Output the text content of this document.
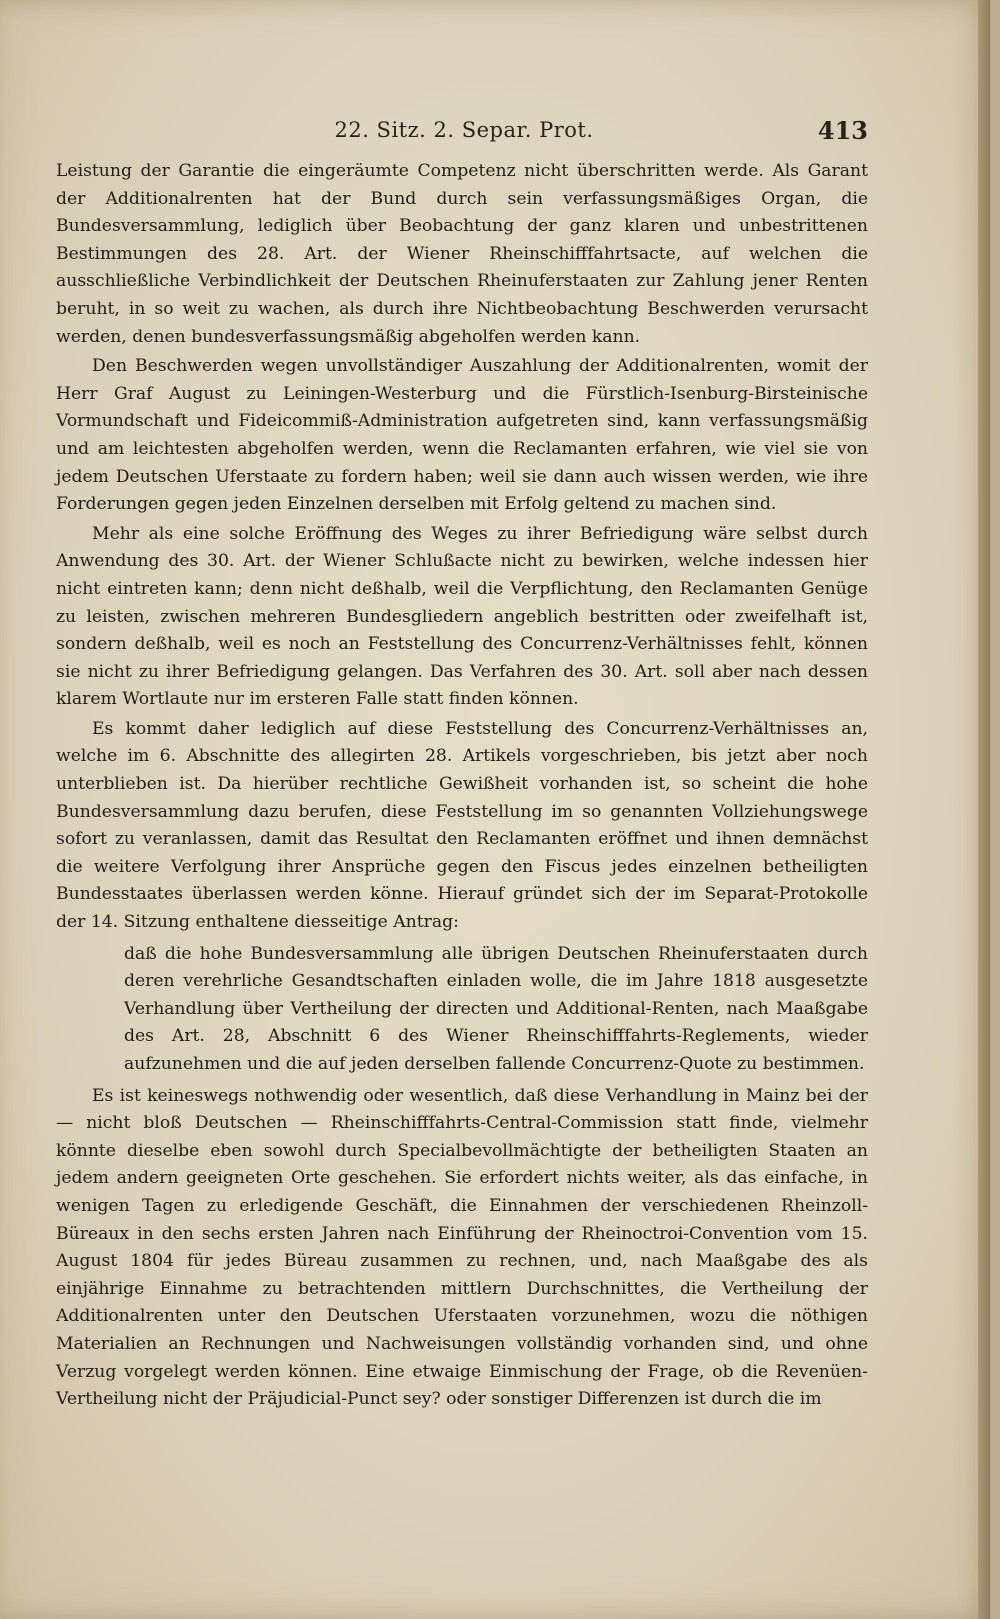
22. Sitz. 2. Separ. Prot.	413

Leistung der Garantie die eingeräumte Competenz nicht überschritten werde. Als Garant der Additionalrenten hat der Bund durch sein verfassungsmäßiges Organ, die Bundesversammlung, lediglich über Beobachtung der ganz klaren und unbestrittenen Bestimmungen des 28. Art. der Wiener Rheinschifffahrtsacte, auf welchen die ausschließliche Verbindlichkeit der Deutschen Rheinuferstaaten zur Zahlung jener Renten beruht, in so weit zu wachen, als durch ihre Nichtbeobachtung Beschwerden verursacht werden, denen bundesverfassungsmäßig abgeholfen werden kann.

Den Beschwerden wegen unvollständiger Auszahlung der Additionalrenten, womit der Herr Graf August zu Leiningen-Westerburg und die Fürstlich-Isenburg-Birsteinische Vormundschaft und Fideicommiß-Administration aufgetreten sind, kann verfassungsmäßig und am leichtesten abgeholfen werden, wenn die Reclamanten erfahren, wie viel sie von jedem Deutschen Uferstaate zu fordern haben; weil sie dann auch wissen werden, wie ihre Forderungen gegen jeden Einzelnen derselben mit Erfolg geltend zu machen sind.

Mehr als eine solche Eröffnung des Weges zu ihrer Befriedigung wäre selbst durch Anwendung des 30. Art. der Wiener Schlußacte nicht zu bewirken, welche indessen hier nicht eintreten kann; denn nicht deßhalb, weil die Verpflichtung, den Reclamanten Genüge zu leisten, zwischen mehreren Bundesgliedern angeblich bestritten oder zweifelhaft ist, sondern deßhalb, weil es noch an Feststellung des Concurrenz-Verhältnisses fehlt, können sie nicht zu ihrer Befriedigung gelangen. Das Verfahren des 30. Art. soll aber nach dessen klarem Wortlaute nur im ersteren Falle statt finden können.

Es kommt daher lediglich auf diese Feststellung des Concurrenz-Verhältnisses an, welche im 6. Abschnitte des allegirten 28. Artikels vorgeschrieben, bis jetzt aber noch unterblieben ist. Da hierüber rechtliche Gewißheit vorhanden ist, so scheint die hohe Bundesversammlung dazu berufen, diese Feststellung im so genannten Vollziehungswege sofort zu veranlassen, damit das Resultat den Reclamanten eröffnet und ihnen demnächst die weitere Verfolgung ihrer Ansprüche gegen den Fiscus jedes einzelnen betheiligten Bundesstaates überlassen werden könne. Hierauf gründet sich der im Separat-Protokolle der 14. Sitzung enthaltene diesseitige Antrag:

daß die hohe Bundesversammlung alle übrigen Deutschen Rheinuferstaaten durch deren verehrliche Gesandtschaften einladen wolle, die im Jahre 1818 ausgesetzte Verhandlung über Vertheilung der directen und Additional-Renten, nach Maaßgabe des Art. 28, Abschnitt 6 des Wiener Rheinschifffahrts-Reglements, wieder aufzunehmen und die auf jeden derselben fallende Concurrenz-Quote zu bestimmen.

Es ist keineswegs nothwendig oder wesentlich, daß diese Verhandlung in Mainz bei der — nicht bloß Deutschen — Rheinschifffahrts-Central-Commission statt finde, vielmehr könnte dieselbe eben sowohl durch Specialbevollmächtigte der betheiligten Staaten an jedem andern geeigneten Orte geschehen. Sie erfordert nichts weiter, als das einfache, in wenigen Tagen zu erledigende Geschäft, die Einnahmen der verschiedenen Rheinzoll-Büreaux in den sechs ersten Jahren nach Einführung der Rheinoctroi-Convention vom 15. August 1804 für jedes Büreau zusammen zu rechnen, und, nach Maaßgabe des als einjährige Einnahme zu betrachtenden mittlern Durchschnittes, die Vertheilung der Additionalrenten unter den Deutschen Uferstaaten vorzunehmen, wozu die nöthigen Materialien an Rechnungen und Nachweisungen vollständig vorhanden sind, und ohne Verzug vorgelegt werden können. Eine etwaige Einmischung der Frage, ob die Revenüen-Vertheilung nicht der Präjudicial-Punct sey? oder sonstiger Differenzen ist durch die im
